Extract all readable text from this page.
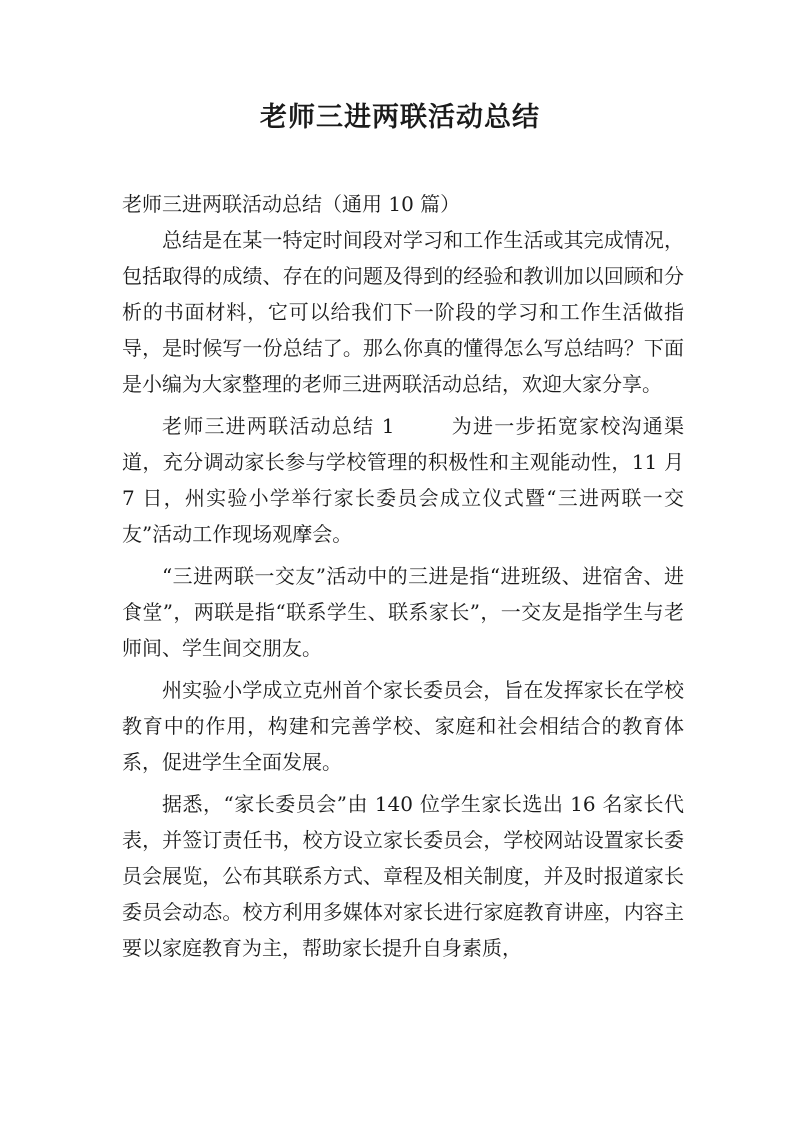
老师三进两联活动总结

老师三进两联活动总结（通用 10 篇）

总结是在某一特定时间段对学习和工作生活或其完成情况，包括取得的成绩、存在的问题及得到的经验和教训加以回顾和分析的书面材料，它可以给我们下一阶段的学习和工作生活做指导，是时候写一份总结了。那么你真的懂得怎么写总结吗？下面是小编为大家整理的老师三进两联活动总结，欢迎大家分享。

老师三进两联活动总结 1	为进一步拓宽家校沟通渠道，充分调动家长参与学校管理的积极性和主观能动性，11 月 7 日，州实验小学举行家长委员会成立仪式暨“三进两联一交友”活动工作现场观摩会。

“三进两联一交友”活动中的三进是指“进班级、进宿舍、进食堂”，两联是指“联系学生、联系家长”，一交友是指学生与老师间、学生间交朋友。

州实验小学成立克州首个家长委员会，旨在发挥家长在学校教育中的作用，构建和完善学校、家庭和社会相结合的教育体系，促进学生全面发展。

据悉，“家长委员会”由 140 位学生家长选出 16 名家长代表，并签订责任书，校方设立家长委员会，学校网站设置家长委员会展览，公布其联系方式、章程及相关制度，并及时报道家长委员会动态。校方利用多媒体对家长进行家庭教育讲座，内容主要以家庭教育为主，帮助家长提升自身素质，
